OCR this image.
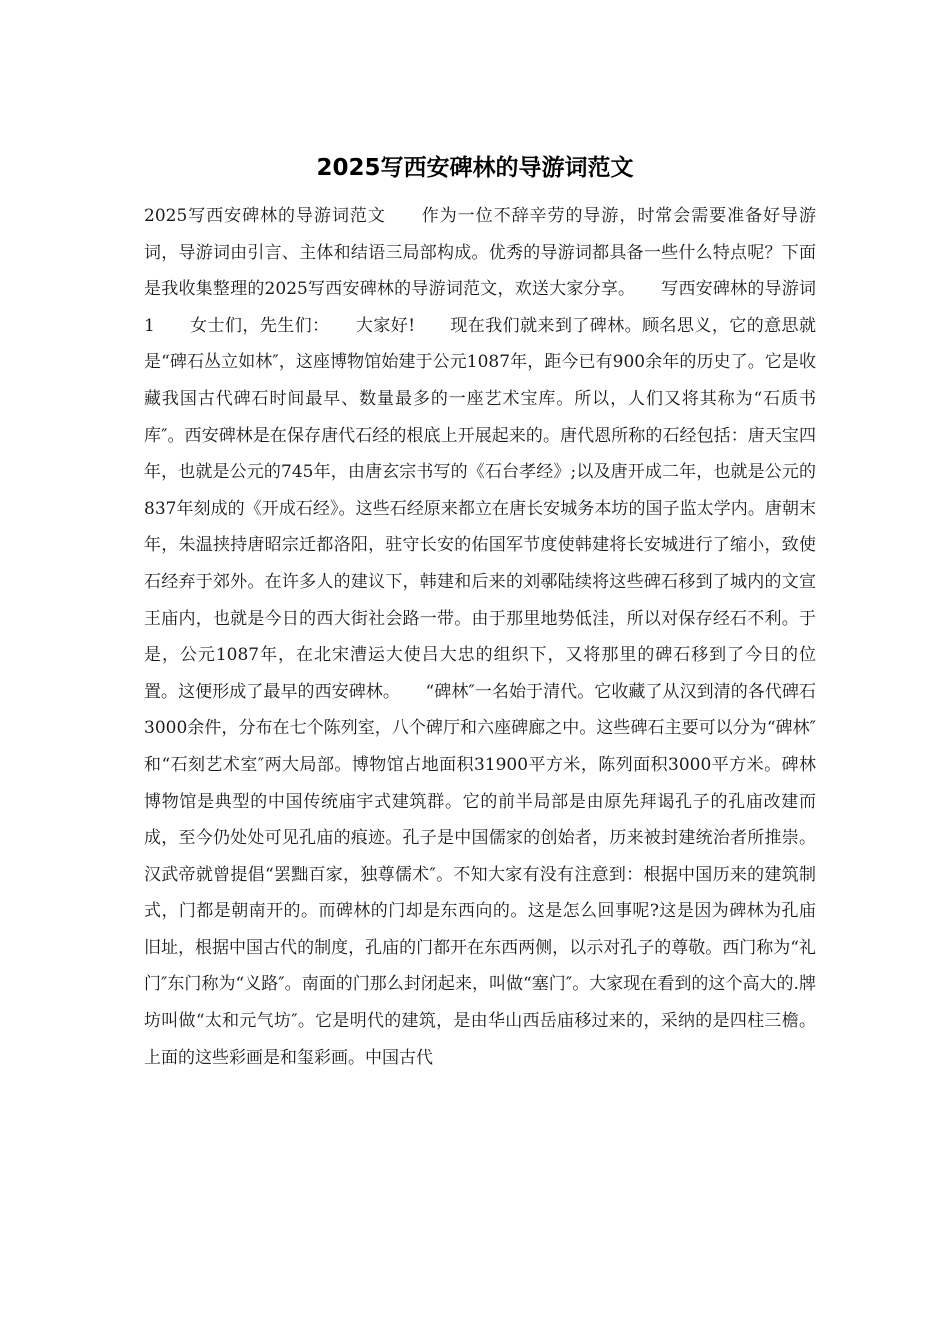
2025写西安碑林的导游词范文

2025写西安碑林的导游词范文　　作为一位不辞辛劳的导游，时常会需要准备好导游词，导游词由引言、主体和结语三局部构成。优秀的导游词都具备一些什么特点呢？下面是我收集整理的2025写西安碑林的导游词范文，欢送大家分享。　　写西安碑林的导游词1　　女士们，先生们：　　大家好!　　现在我们就来到了碑林。顾名思义，它的意思就是“碑石丛立如林″，这座博物馆始建于公元1087年，距今已有900余年的历史了。它是收藏我国古代碑石时间最早、数量最多的一座艺术宝库。所以，人们又将其称为“石质书库″。西安碑林是在保存唐代石经的根底上开展起来的。唐代恩所称的石经包括：唐天宝四年，也就是公元的745年，由唐玄宗书写的《石台孝经》;以及唐开成二年，也就是公元的837年刻成的《开成石经》。这些石经原来都立在唐长安城务本坊的国子监太学内。唐朝末年，朱温挟持唐昭宗迁都洛阳，驻守长安的佑国军节度使韩建将长安城进行了缩小，致使石经弃于郊外。在许多人的建议下，韩建和后来的刘鄩陆续将这些碑石移到了城内的文宣王庙内，也就是今日的西大街社会路一带。由于那里地势低洼，所以对保存经石不利。于是，公元1087年，在北宋漕运大使吕大忠的组织下，又将那里的碑石移到了今日的位置。这便形成了最早的西安碑林。　　“碑林″一名始于清代。它收藏了从汉到清的各代碑石3000余件，分布在七个陈列室，八个碑厅和六座碑廊之中。这些碑石主要可以分为“碑林″和“石刻艺术室″两大局部。博物馆占地面积31900平方米，陈列面积3000平方米。碑林博物馆是典型的中国传统庙宇式建筑群。它的前半局部是由原先拜谒孔子的孔庙改建而成，至今仍处处可见孔庙的痕迹。孔子是中国儒家的创始者，历来被封建统治者所推崇。汉武帝就曾提倡“罢黜百家，独尊儒术″。不知大家有没有注意到：根据中国历来的建筑制式，门都是朝南开的。而碑林的门却是东西向的。这是怎么回事呢?这是因为碑林为孔庙旧址，根据中国古代的制度，孔庙的门都开在东西两侧，以示对孔子的尊敬。西门称为“礼门″东门称为“义路″。南面的门那么封闭起来，叫做“塞门″。大家现在看到的这个高大的.牌坊叫做“太和元气坊″。它是明代的建筑，是由华山西岳庙移过来的，采纳的是四柱三檐。上面的这些彩画是和玺彩画。中国古代
